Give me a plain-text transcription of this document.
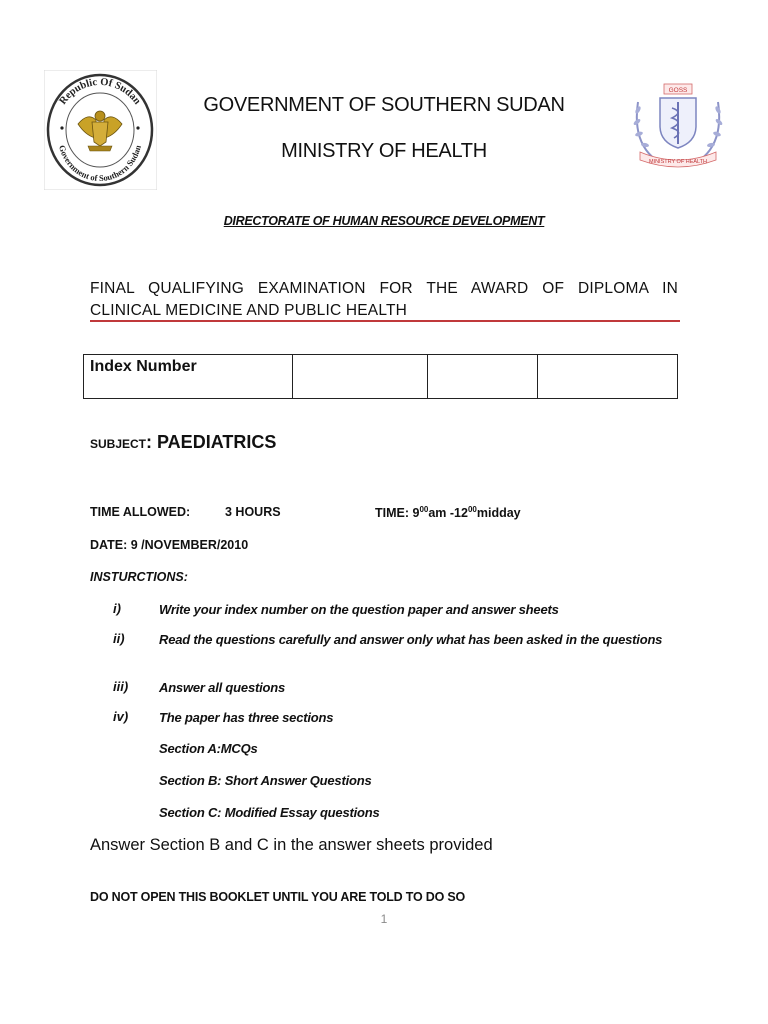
Republic Of Sudan
Government of Southern Sudan
GOSS
MINISTRY OF HEALTH
GOVERNMENT OF SOUTHERN SUDAN
MINISTRY OF HEALTH
DIRECTORATE OF HUMAN RESOURCE DEVELOPMENT
FINAL QUALIFYING EXAMINATION FOR THE AWARD OF DIPLOMA IN CLINICAL MEDICINE AND PUBLIC HEALTH
Index Number			
SUBJECT: PAEDIATRICS
TIME ALLOWED:	3 HOURS	TIME: $9^{00}am$ $-12^{00}midday$
DATE: 9 /NOVEMBER/2010
INSTURCTIONS:
i)	Write your index number on the question paper and answer sheets
ii)	Read the questions carefully and answer only what has been asked in the questions
iii) Answer all questions
iv) The paper has three sections
Section A:MCQs
Section B: Short Answer Questions
Section C: Modified Essay questions
Answer Section B and C in the answer sheets provided
DO NOT OPEN THIS BOOKLET UNTIL YOU ARE TOLD TO DO SO
1
